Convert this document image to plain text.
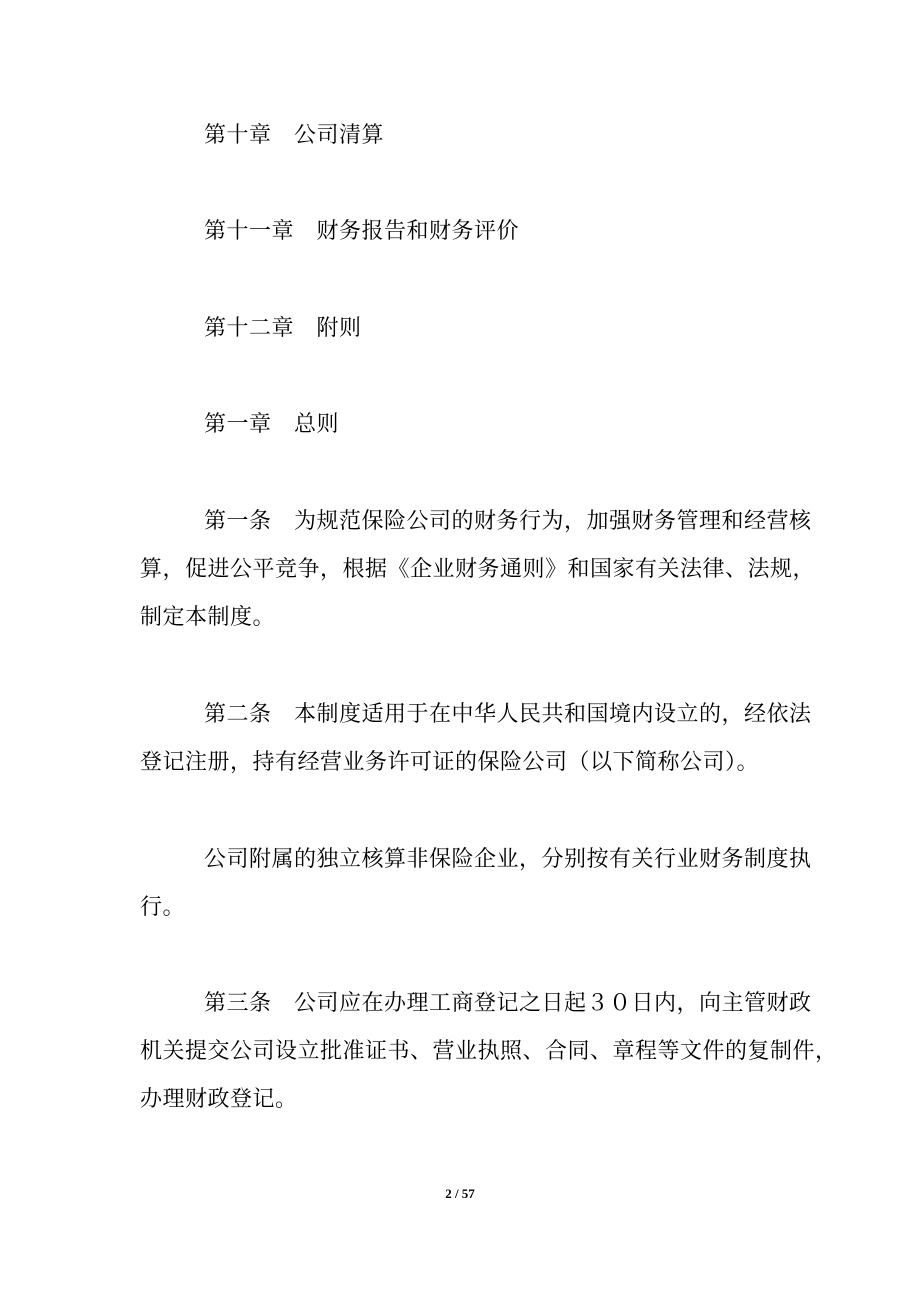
第十章　公司清算
第十一章　财务报告和财务评价
第十二章　附则
第一章　总则
第一条　为规范保险公司的财务行为，加强财务管理和经营核
算，促进公平竞争，根据《企业财务通则》和国家有关法律、法规，
制定本制度。
第二条　本制度适用于在中华人民共和国境内设立的，经依法
登记注册，持有经营业务许可证的保险公司（以下简称公司）。
公司附属的独立核算非保险企业，分别按有关行业财务制度执
行。
第三条　公司应在办理工商登记之日起３０日内，向主管财政
机关提交公司设立批准证书、营业执照、合同、章程等文件的复制件，
办理财政登记。
2 / 57
